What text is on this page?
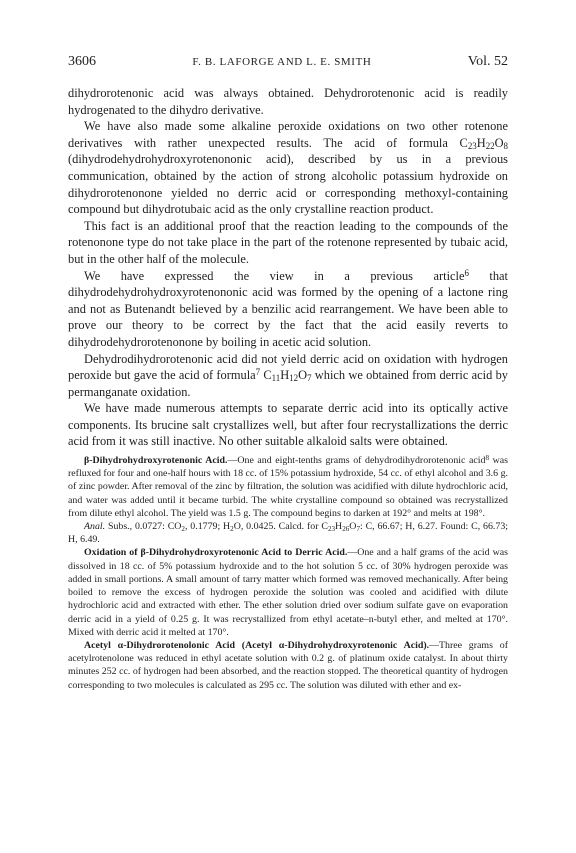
3606	F. B. LAFORGE AND L. E. SMITH	Vol. 52

dihydrorotenonic acid was always obtained. Dehydrorotenonic acid is readily hydrogenated to the dihydro derivative.

We have also made some alkaline peroxide oxidations on two other rotenone derivatives with rather unexpected results. The acid of formula $C_{23}H_{22}O_8$ (dihydrodehydrohydroxyrotenononic acid), described by us in a previous communication, obtained by the action of strong alcoholic potassium hydroxide on dihydrorotenonone yielded no derric acid or corresponding methoxyl-containing compound but dihydrotubaic acid as the only crystalline reaction product.

This fact is an additional proof that the reaction leading to the compounds of the rotenonone type do not take place in the part of the rotenone represented by tubaic acid, but in the other half of the molecule.

We have expressed the view in a previous article$^6$ that dihydrodehydrohydroxyrotenononic acid was formed by the opening of a lactone ring and not as Butenandt believed by a benzilic acid rearrangement. We have been able to prove our theory to be correct by the fact that the acid easily reverts to dihydrodehydrorotenonone by boiling in acetic acid solution.

Dehydrodihydrorotenonic acid did not yield derric acid on oxidation with hydrogen peroxide but gave the acid of formula$^7$ $C_{11}H_{12}O_7$ which we obtained from derric acid by permanganate oxidation.

We have made numerous attempts to separate derric acid into its optically active components. Its brucine salt crystallizes well, but after four recrystallizations the derric acid from it was still inactive. No other suitable alkaloid salts were obtained.

β-Dihydrohydroxyrotenonic Acid.—One and eight-tenths grams of dehydrodihydrorotenonic acid$^8$ was refluxed for four and one-half hours with 18 cc. of 15% potassium hydroxide, 54 cc. of ethyl alcohol and 3.6 g. of zinc powder. After removal of the zinc by filtration, the solution was acidified with dilute hydrochloric acid, and water was added until it became turbid. The white crystalline compound so obtained was recrystallized from dilute ethyl alcohol. The yield was 1.5 g. The compound begins to darken at 192° and melts at 198°.

Anal. Subs., 0.0727: $CO_2$, 0.1779; $H_2O$, 0.0425. Calcd. for $C_{23}H_{26}O_7$: C, 66.67; H, 6.27. Found: C, 66.73; H, 6.49.

Oxidation of β-Dihydrohydroxyrotenonic Acid to Derric Acid.—One and a half grams of the acid was dissolved in 18 cc. of 5% potassium hydroxide and to the hot solution 5 cc. of 30% hydrogen peroxide was added in small portions. A small amount of tarry matter which formed was removed mechanically. After being boiled to remove the excess of hydrogen peroxide the solution was cooled and acidified with dilute hydrochloric acid and extracted with ether. The ether solution dried over sodium sulfate gave on evaporation derric acid in a yield of 0.25 g. It was recrystallized from ethyl acetate–n-butyl ether, and melted at 170°. Mixed with derric acid it melted at 170°.

Acetyl α-Dihydrorotenolonic Acid (Acetyl α-Dihydrohydroxyrotenonic Acid).—Three grams of acetylrotenolone was reduced in ethyl acetate solution with 0.2 g. of platinum oxide catalyst. In about thirty minutes 252 cc. of hydrogen had been absorbed, and the reaction stopped. The theoretical quantity of hydrogen corresponding to two molecules is calculated as 295 cc. The solution was diluted with ether and ex-
